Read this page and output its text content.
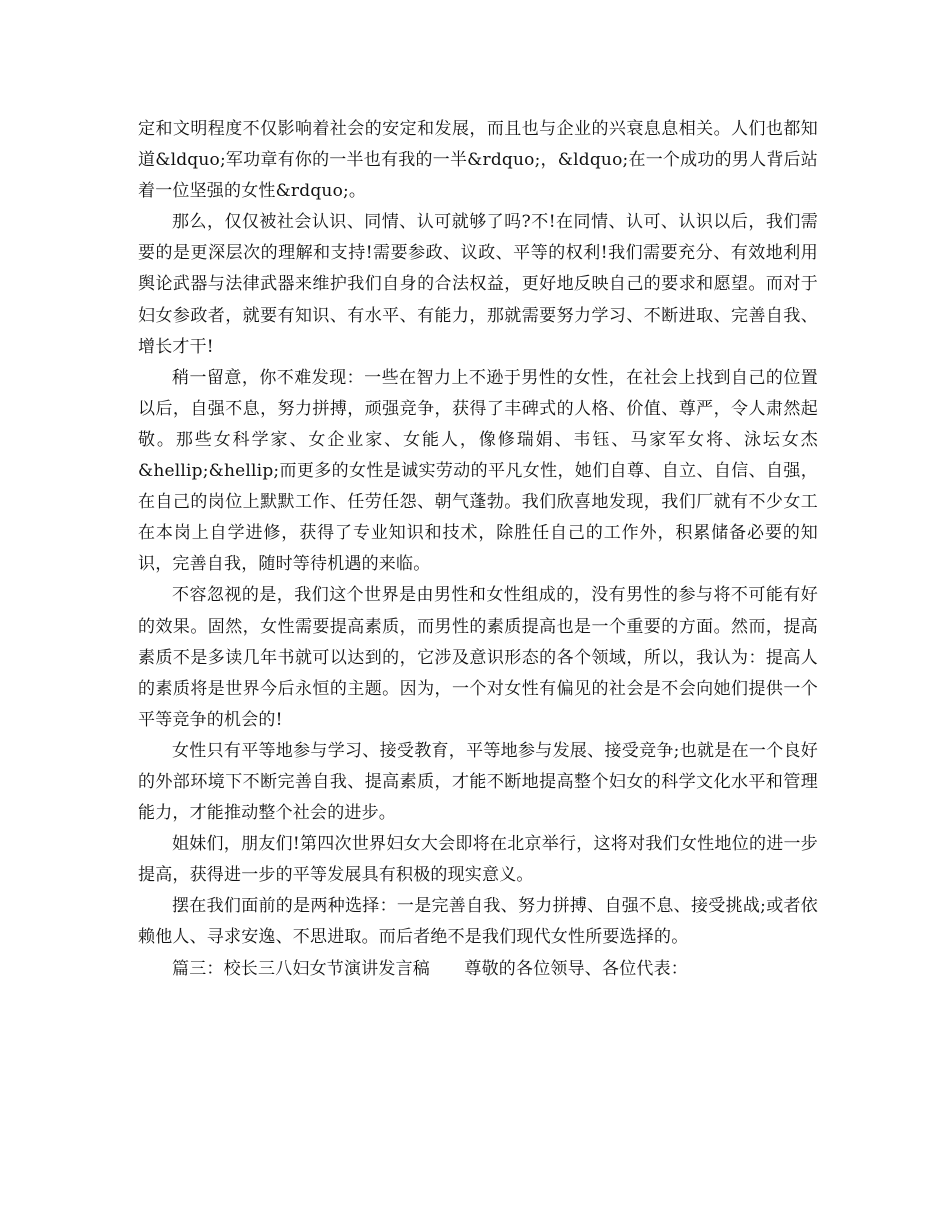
定和文明程度不仅影响着社会的安定和发展，而且也与企业的兴衰息息相关。人们也都知道&ldquo;军功章有你的一半也有我的一半&rdquo;，&ldquo;在一个成功的男人背后站着一位坚强的女性&rdquo;。

那么，仅仅被社会认识、同情、认可就够了吗?不!在同情、认可、认识以后，我们需要的是更深层次的理解和支持!需要参政、议政、平等的权利!我们需要充分、有效地利用舆论武器与法律武器来维护我们自身的合法权益，更好地反映自己的要求和愿望。而对于妇女参政者，就要有知识、有水平、有能力，那就需要努力学习、不断进取、完善自我、增长才干!

稍一留意，你不难发现：一些在智力上不逊于男性的女性，在社会上找到自己的位置以后，自强不息，努力拼搏，顽强竞争，获得了丰碑式的人格、价值、尊严，令人肃然起敬。那些女科学家、女企业家、女能人，像修瑞娟、韦钰、马家军女将、泳坛女杰&hellip;&hellip;而更多的女性是诚实劳动的平凡女性，她们自尊、自立、自信、自强，在自己的岗位上默默工作、任劳任怨、朝气蓬勃。我们欣喜地发现，我们厂就有不少女工在本岗上自学进修，获得了专业知识和技术，除胜任自己的工作外，积累储备必要的知识，完善自我，随时等待机遇的来临。

不容忽视的是，我们这个世界是由男性和女性组成的，没有男性的参与将不可能有好的效果。固然，女性需要提高素质，而男性的素质提高也是一个重要的方面。然而，提高素质不是多读几年书就可以达到的，它涉及意识形态的各个领域，所以，我认为：提高人的素质将是世界今后永恒的主题。因为，一个对女性有偏见的社会是不会向她们提供一个平等竞争的机会的!

女性只有平等地参与学习、接受教育，平等地参与发展、接受竞争;也就是在一个良好的外部环境下不断完善自我、提高素质，才能不断地提高整个妇女的科学文化水平和管理能力，才能推动整个社会的进步。

姐妹们，朋友们!第四次世界妇女大会即将在北京举行，这将对我们女性地位的进一步提高，获得进一步的平等发展具有积极的现实意义。

摆在我们面前的是两种选择：一是完善自我、努力拼搏、自强不息、接受挑战;或者依赖他人、寻求安逸、不思进取。而后者绝不是我们现代女性所要选择的。

篇三：校长三八妇女节演讲发言稿　　尊敬的各位领导、各位代表：
